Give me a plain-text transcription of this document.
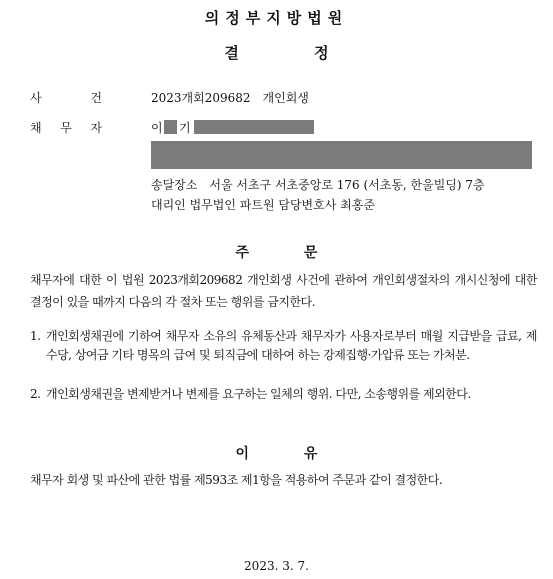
의정부지방법원
결 정
사	건	2023개회209682　개인회생
채 무 자	이 기
송달장소　서울 서초구 서초중앙로 176 (서초동, 한울빌딩) 7층
대리인 법무법인 파트원 담당변호사 최홍준
주 문
채무자에 대한 이 법원 2023개회209682 개인회생 사건에 관하여 개인회생절차의 개시신청에 대한 결정이 있을 때까지 다음의 각 절차 또는 행위를 금지한다.
1. 개인회생채권에 기하여 채무자 소유의 유체동산과 채무자가 사용자로부터 매월 지급받을 급료, 제수당, 상여금 기타 명목의 급여 및 퇴직금에 대하여 하는 강제집행·가압류 또는 가처분.
2. 개인회생채권을 변제받거나 변제를 요구하는 일체의 행위. 다만, 소송행위를 제외한다.
이 유
채무자 회생 및 파산에 관한 법률 제593조 제1항을 적용하여 주문과 같이 결정한다.
2023. 3. 7.
